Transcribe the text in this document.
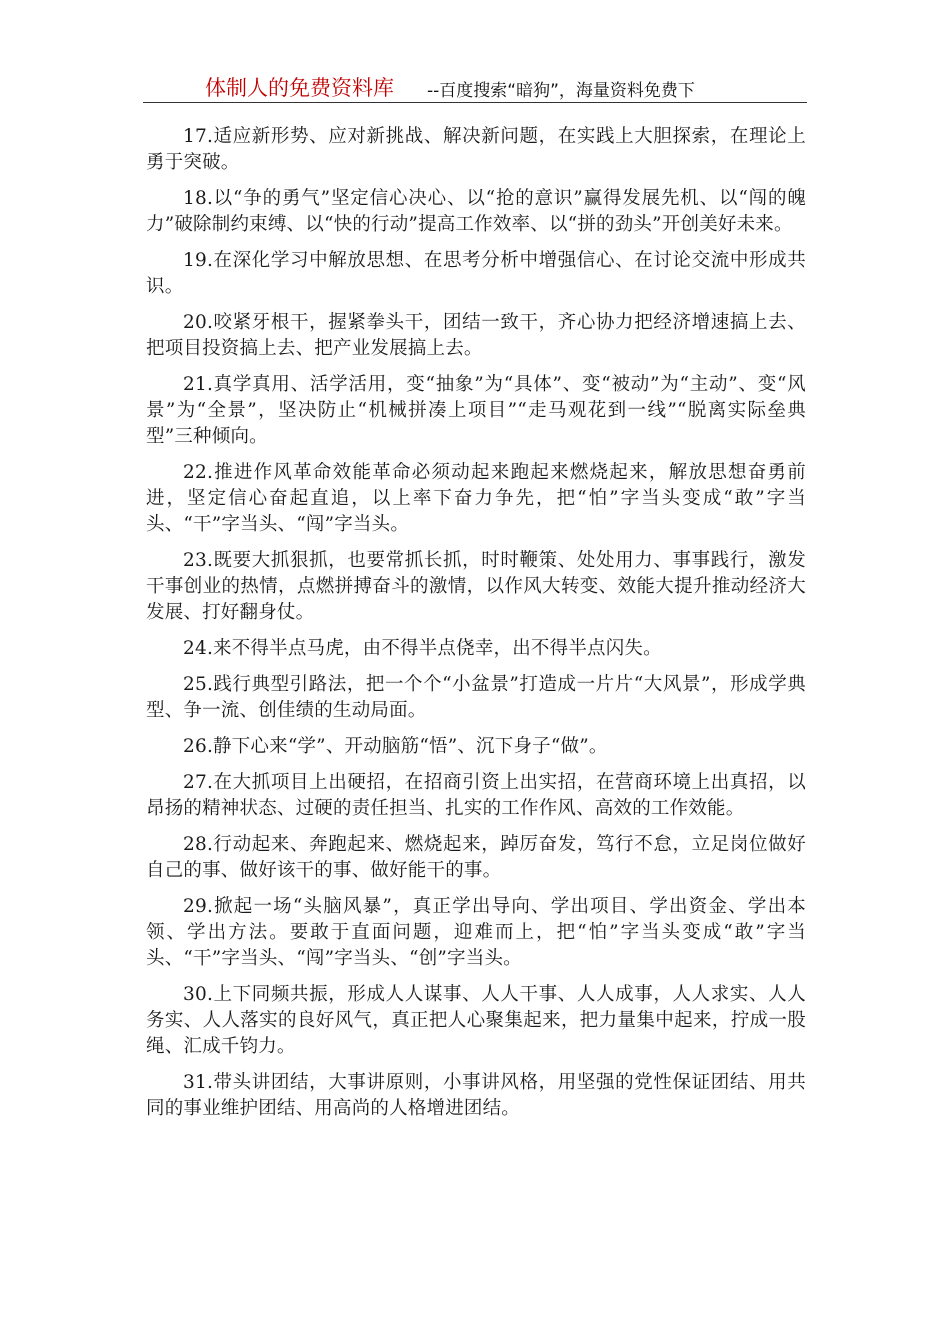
体制人的免费资料库 --百度搜索“暗狗”，海量资料免费下

17.适应新形势、应对新挑战、解决新问题，在实践上大胆探索，在理论上勇于突破。

18.以“争的勇气”坚定信心决心、以“抢的意识”赢得发展先机、以“闯的魄力”破除制约束缚、以“快的行动”提高工作效率、以“拼的劲头”开创美好未来。

19.在深化学习中解放思想、在思考分析中增强信心、在讨论交流中形成共识。

20.咬紧牙根干，握紧拳头干，团结一致干，齐心协力把经济增速搞上去、把项目投资搞上去、把产业发展搞上去。

21.真学真用、活学活用，变“抽象”为“具体”、变“被动”为“主动”、变“风景”为“全景”，坚决防止“机械拼凑上项目”“走马观花到一线”“脱离实际垒典型”三种倾向。

22.推进作风革命效能革命必须动起来跑起来燃烧起来，解放思想奋勇前进，坚定信心奋起直追，以上率下奋力争先，把“怕”字当头变成“敢”字当头、“干”字当头、“闯”字当头。

23.既要大抓狠抓，也要常抓长抓，时时鞭策、处处用力、事事践行，激发干事创业的热情，点燃拼搏奋斗的激情，以作风大转变、效能大提升推动经济大发展、打好翻身仗。

24.来不得半点马虎，由不得半点侥幸，出不得半点闪失。

25.践行典型引路法，把一个个“小盆景”打造成一片片“大风景”，形成学典型、争一流、创佳绩的生动局面。

26.静下心来“学”、开动脑筋“悟”、沉下身子“做”。

27.在大抓项目上出硬招，在招商引资上出实招，在营商环境上出真招，以昂扬的精神状态、过硬的责任担当、扎实的工作作风、高效的工作效能。

28.行动起来、奔跑起来、燃烧起来，踔厉奋发，笃行不怠，立足岗位做好自己的事、做好该干的事、做好能干的事。

29.掀起一场“头脑风暴”，真正学出导向、学出项目、学出资金、学出本领、学出方法。要敢于直面问题，迎难而上，把“怕”字当头变成“敢”字当头、“干”字当头、“闯”字当头、“创”字当头。

30.上下同频共振，形成人人谋事、人人干事、人人成事，人人求实、人人务实、人人落实的良好风气，真正把人心聚集起来，把力量集中起来，拧成一股绳、汇成千钧力。

31.带头讲团结，大事讲原则，小事讲风格，用坚强的党性保证团结、用共同的事业维护团结、用高尚的人格增进团结。
